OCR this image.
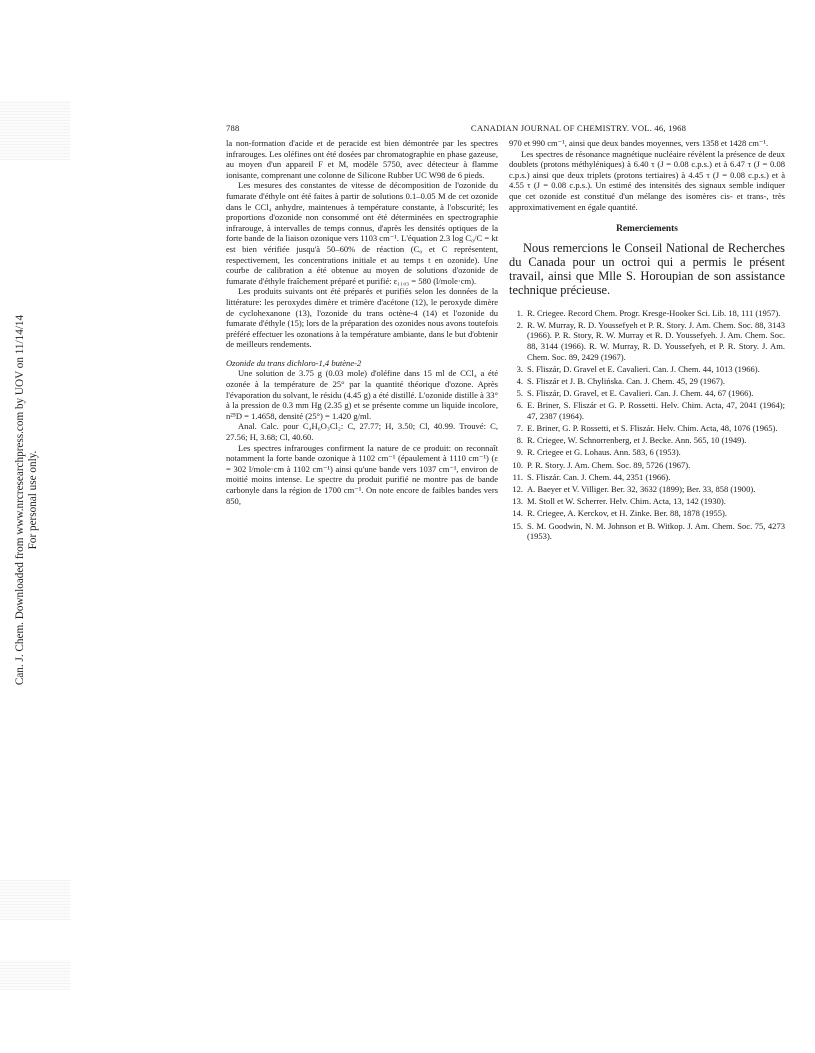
Can. J. Chem. Downloaded from www.nrcresearchpress.com by UOV on 11/14/14 For personal use only.
788	CANADIAN JOURNAL OF CHEMISTRY. VOL. 46, 1968

la non-formation d'acide et de peracide est bien démontrée par les spectres infrarouges. Les oléfines ont été dosées par chromatographie en phase gazeuse, au moyen d'un appareil F et M, modèle 5750, avec détecteur à flamme ionisante, comprenant une colonne de Silicone Rubber UC W98 de 6 pieds.

Les mesures des constantes de vitesse de décomposition de l'ozonide du fumarate d'éthyle ont été faites à partir de solutions 0.1–0.05 M de cet ozonide dans le CCl₄ anhydre, maintenues à température constante, à l'obscurité; les proportions d'ozonide non consommé ont été déterminées en spectrographie infrarouge, à intervalles de temps connus, d'après les densités optiques de la forte bande de la liaison ozonique vers 1103 cm⁻¹. L'équation 2.3 log C₀/C = kt est bien vérifiée jusqu'à 50–60% de réaction (C₀ et C représentent, respectivement, les concentrations initiale et au temps t en ozonide). Une courbe de calibration a été obtenue au moyen de solutions d'ozonide de fumarate d'éthyle fraîchement préparé et purifié: ε₁₁₀₃ = 580 (l/mole·cm).

Les produits suivants ont été préparés et purifiés selon les données de la littérature: les peroxydes dimère et trimère d'acétone (12), le peroxyde dimère de cyclohexanone (13), l'ozonide du trans octène-4 (14) et l'ozonide du fumarate d'éthyle (15); lors de la préparation des ozonides nous avons toutefois préféré effectuer les ozonations à la température ambiante, dans le but d'obtenir de meilleurs rendements.

Ozonide du trans dichloro-1,4 butène-2

Une solution de 3.75 g (0.03 mole) d'oléfine dans 15 ml de CCl₄ a été ozonée à la température de 25° par la quantité théorique d'ozone. Après l'évaporation du solvant, le résidu (4.45 g) a été distillé. L'ozonide distille à 33° à la pression de 0.3 mm Hg (2.35 g) et se présente comme un liquide incolore, n²⁵D = 1.4658, densité (25°) = 1.420 g/ml.

Anal. Calc. pour C₄H₆O₃Cl₂: C, 27.77; H, 3.50; Cl, 40.99. Trouvé: C, 27.56; H, 3.68; Cl, 40.60.

Les spectres infrarouges confirment la nature de ce produit: on reconnaît notamment la forte bande ozonique à 1102 cm⁻¹ (épaulement à 1110 cm⁻¹) (ε = 302 l/mole·cm à 1102 cm⁻¹) ainsi qu'une bande vers 1037 cm⁻¹, environ de moitié moins intense. Le spectre du produit purifié ne montre pas de bande carbonyle dans la région de 1700 cm⁻¹. On note encore de faibles bandes vers 850,

970 et 990 cm⁻¹, ainsi que deux bandes moyennes, vers 1358 et 1428 cm⁻¹.

Les spectres de résonance magnétique nucléaire révèlent la présence de deux doublets (protons méthyléniques) à 6.40 τ (J = 0.08 c.p.s.) et à 6.47 τ (J = 0.08 c.p.s.) ainsi que deux triplets (protons tertiaires) à 4.45 τ (J = 0.08 c.p.s.) et à 4.55 τ (J = 0.08 c.p.s.). Un estimé des intensités des signaux semble indiquer que cet ozonide est constitué d'un mélange des isomères cis- et trans-, très approximativement en égale quantité.

Remerciements

Nous remercions le Conseil National de Recherches du Canada pour un octroi qui a permis le présent travail, ainsi que Mlle S. Horoupian de son assistance technique précieuse.

1. R. Criegee. Record Chem. Progr. Kresge-Hooker Sci. Lib. 18, 111 (1957).
2. R. W. Murray, R. D. Youssefyeh et P. R. Story. J. Am. Chem. Soc. 88, 3143 (1966). P. R. Story, R. W. Murray et R. D. Youssefyeh. J. Am. Chem. Soc. 88, 3144 (1966). R. W. Murray, R. D. Youssefyeh, et P. R. Story. J. Am. Chem. Soc. 89, 2429 (1967).
3. S. Fliszár, D. Gravel et E. Cavalieri. Can. J. Chem. 44, 1013 (1966).
4. S. Fliszár et J. B. Chylińska. Can. J. Chem. 45, 29 (1967).
5. S. Fliszár, D. Gravel, et E. Cavalieri. Can. J. Chem. 44, 67 (1966).
6. E. Briner, S. Fliszár et G. P. Rossetti. Helv. Chim. Acta, 47, 2041 (1964); 47, 2387 (1964).
7. E. Briner, G. P. Rossetti, et S. Fliszár. Helv. Chim. Acta, 48, 1076 (1965).
8. R. Criegee, W. Schnorrenberg, et J. Becke. Ann. 565, 10 (1949).
9. R. Criegee et G. Lohaus. Ann. 583, 6 (1953).
10. P. R. Story. J. Am. Chem. Soc. 89, 5726 (1967).
11. S. Fliszár. Can. J. Chem. 44, 2351 (1966).
12. A. Baeyer et V. Villiger. Ber. 32, 3632 (1899); Ber. 33, 858 (1900).
13. M. Stoll et W. Scherrer. Helv. Chim. Acta, 13, 142 (1930).
14. R. Criegee, A. Kerckov, et H. Zinke. Ber. 88, 1878 (1955).
15. S. M. Goodwin, N. M. Johnson et B. Witkop. J. Am. Chem. Soc. 75, 4273 (1953).
